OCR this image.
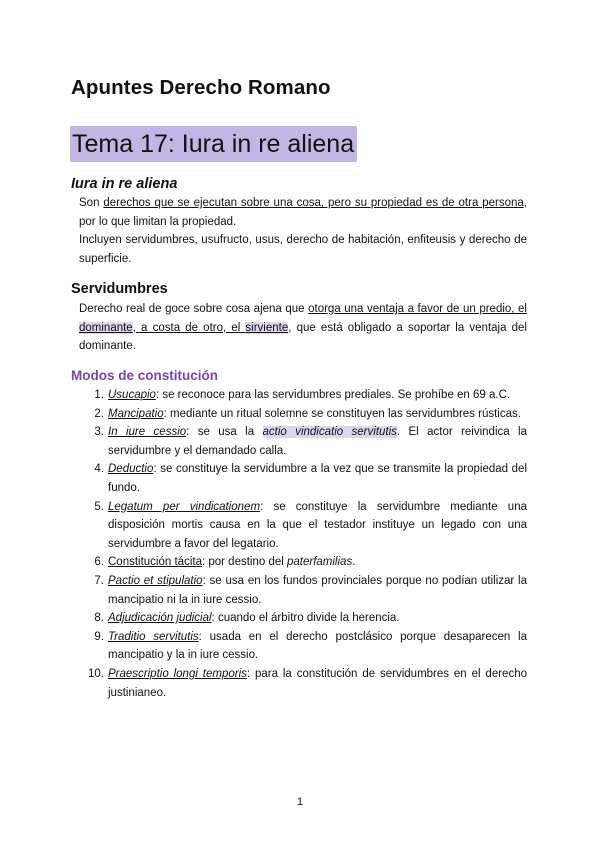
Apuntes Derecho Romano
Tema 17: Iura in re aliena
Iura in re aliena

Son derechos que se ejecutan sobre una cosa, pero su propiedad es de otra persona, por lo que limitan la propiedad.

Incluyen servidumbres, usufructo, usus, derecho de habitación, enfiteusis y derecho de superficie.

Servidumbres

Derecho real de goce sobre cosa ajena que otorga una ventaja a favor de un predio, el dominante, a costa de otro, el sirviente, que está obligado a soportar la ventaja del dominante.

Modos de constitución
1. Usucapio: se reconoce para las servidumbres prediales. Se prohíbe en 69 a.C.
2. Mancipatio: mediante un ritual solemne se constituyen las servidumbres rústicas.
3. In iure cessio: se usa la actio vindicatio servitutis. El actor reivindica la servidumbre y el demandado calla.
4. Deductio: se constituye la servidumbre a la vez que se transmite la propiedad del fundo.
5. Legatum per vindicationem: se constituye la servidumbre mediante una disposición mortis causa en la que el testador instituye un legado con una servidumbre a favor del legatario.
6. Constitución tácita: por destino del paterfamilias.
7. Pactio et stipulatio: se usa en los fundos provinciales porque no podían utilizar la mancipatio ni la in iure cessio.
8. Adjudicación judicial: cuando el árbitro divide la herencia.
9. Traditio servitutis: usada en el derecho postclásico porque desaparecen la mancipatio y la in iure cessio.
10. Praescriptio longi temporis: para la constitución de servidumbres en el derecho justinianeo.

1
